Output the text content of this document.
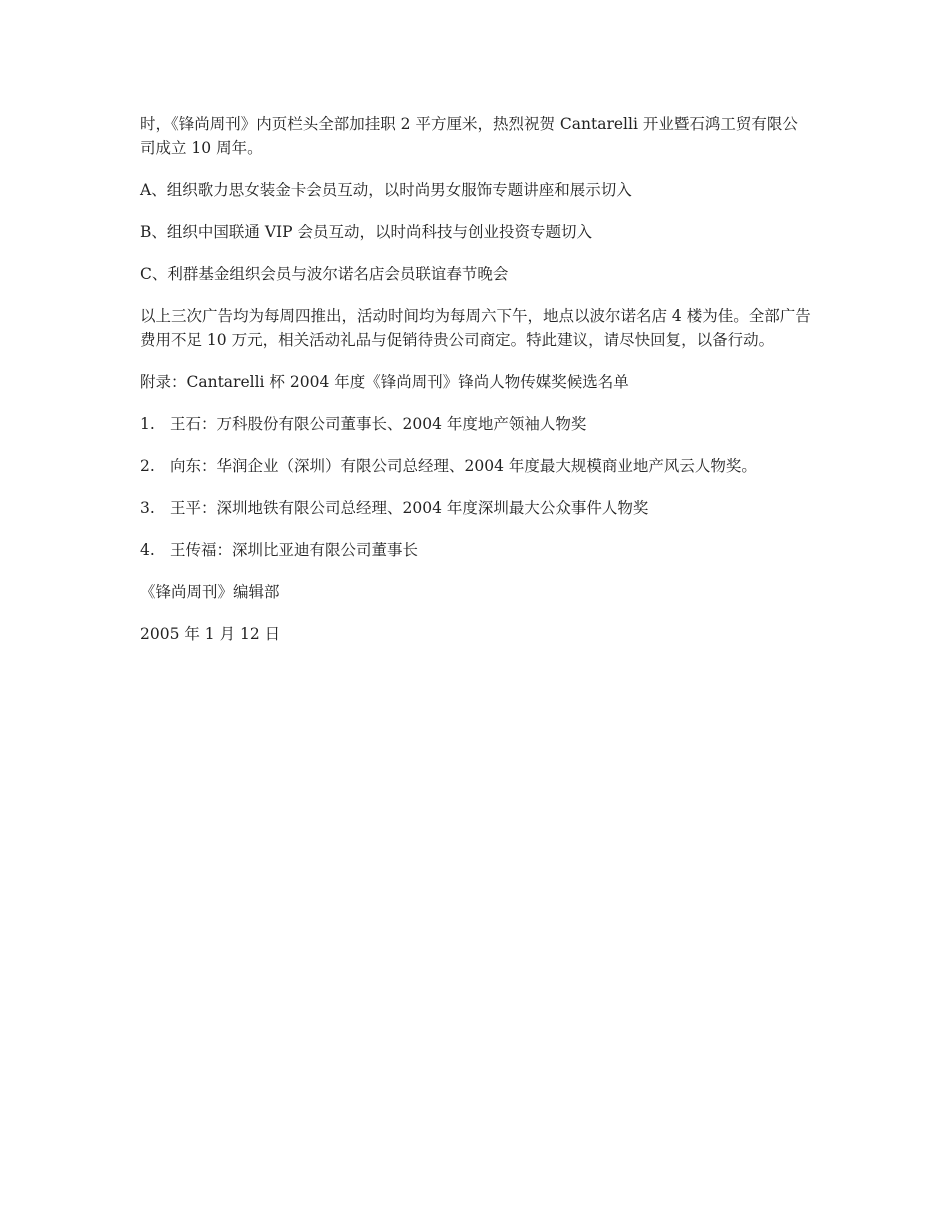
时，《锋尚周刊》内页栏头全部加挂职 2 平方厘米，热烈祝贺 Cantarelli 开业暨石鸿工贸有限公司成立 10 周年。

A、组织歌力思女装金卡会员互动，以时尚男女服饰专题讲座和展示切入

B、组织中国联通 VIP 会员互动，以时尚科技与创业投资专题切入

C、利群基金组织会员与波尔诺名店会员联谊春节晚会

以上三次广告均为每周四推出，活动时间均为每周六下午，地点以波尔诺名店 4 楼为佳。全部广告费用不足 10 万元，相关活动礼品与促销待贵公司商定。特此建议，请尽快回复，以备行动。

附录：Cantarelli 杯 2004 年度《锋尚周刊》锋尚人物传媒奖候选名单

1. 王石：万科股份有限公司董事长、2004 年度地产领袖人物奖
2. 向东：华润企业（深圳）有限公司总经理、2004 年度最大规模商业地产风云人物奖。
3. 王平：深圳地铁有限公司总经理、2004 年度深圳最大公众事件人物奖
4. 王传福：深圳比亚迪有限公司董事长

《锋尚周刊》编辑部

2005 年 1 月 12 日
